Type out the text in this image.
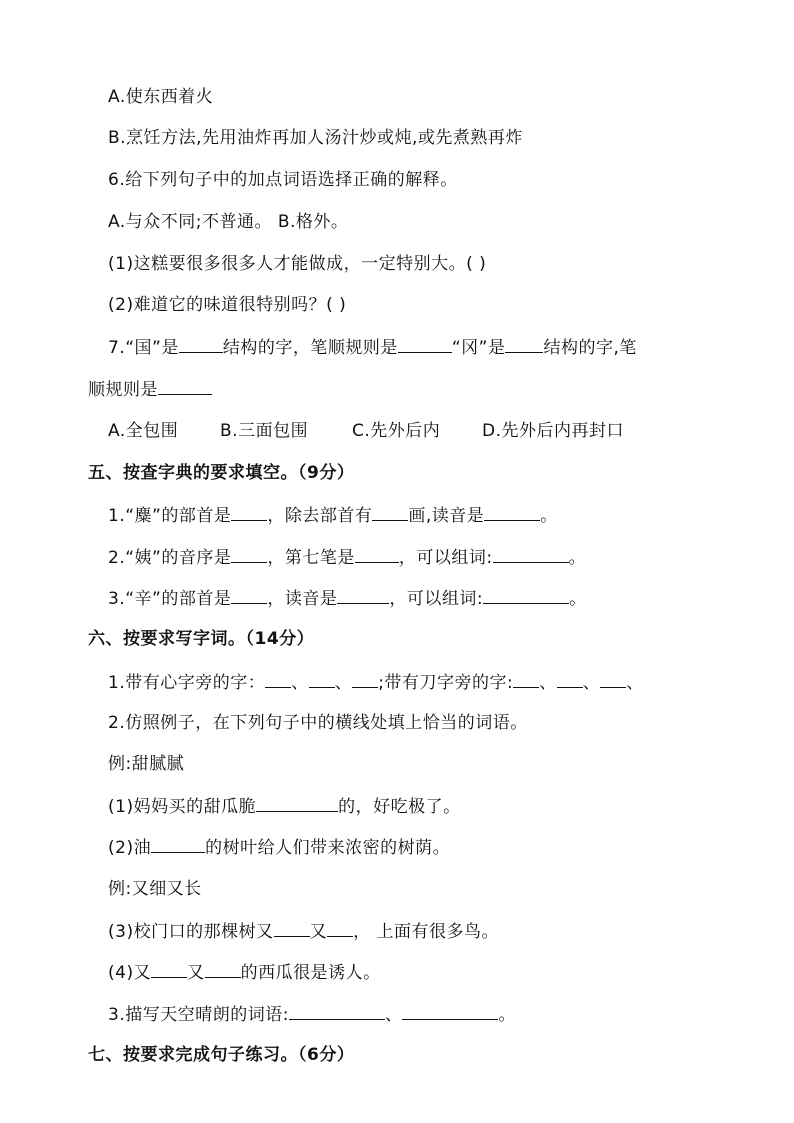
A.使东西着火
B.烹饪方法,先用油炸再加人汤汁炒或炖,或先煮熟再炸
6.给下列句子中的加点词语选择正确的解释。
A.与众不同;不普通。 B.格外。
(1)这糕要很多很多人才能做成，一定特别大。( )
(2)难道它的味道很特别吗？( )
7.“国”是	结构的字，笔顺规则是	“冈”是 结构的字,笔
顺规则是
A.全包围 B.三面包围	C.先外后内 D.先外后内再封口
五、按查字典的要求填空。（9分）
1.“麋”的部首是 ，除去部首有 画,读音是	。
2.“姨”的音序是 ，第七笔是	，可以组词:	。
3.“辛”的部首是 ，读音是	，可以组词:	。
六、按要求写字词。（14分）
1.带有心字旁的字： 、 、 ;带有刀字旁的字: 、 、 、
2.仿照例子，在下列句子中的横线处填上恰当的词语。
例:甜腻腻
(1)妈妈买的甜瓜脆	的，好吃极了。
(2)油	的树叶给人们带来浓密的树荫。
例:又细又长
(3)校门口的那棵树又 又 ， 上面有很多鸟。
(4)又 又 的西瓜很是诱人。
3.描写天空晴朗的词语:	、	。
七、按要求完成句子练习。（6分）
